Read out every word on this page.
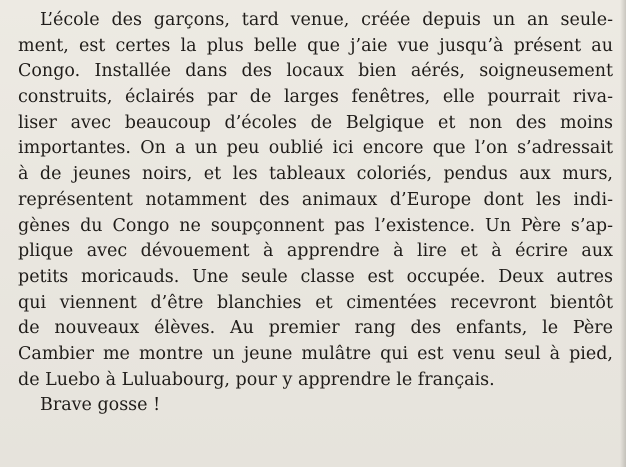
L’école des garçons, tard venue, créée depuis un an seule-
ment, est certes la plus belle que j’aie vue jusqu’à présent au
Congo. Installée dans des locaux bien aérés, soigneusement
construits, éclairés par de larges fenêtres, elle pourrait riva-
liser avec beaucoup d’écoles de Belgique et non des moins
importantes. On a un peu oublié ici encore que l’on s’adressait
à de jeunes noirs, et les tableaux coloriés, pendus aux murs,
représentent notamment des animaux d’Europe dont les indi-
gènes du Congo ne soupçonnent pas l’existence. Un Père s’ap-
plique avec dévouement à apprendre à lire et à écrire aux
petits moricauds. Une seule classe est occupée. Deux autres
qui viennent d’être blanchies et cimentées recevront bientôt
de nouveaux élèves. Au premier rang des enfants, le Père
Cambier me montre un jeune mulâtre qui est venu seul à pied,
de Luebo à Luluabourg, pour y apprendre le français.
Brave gosse !
